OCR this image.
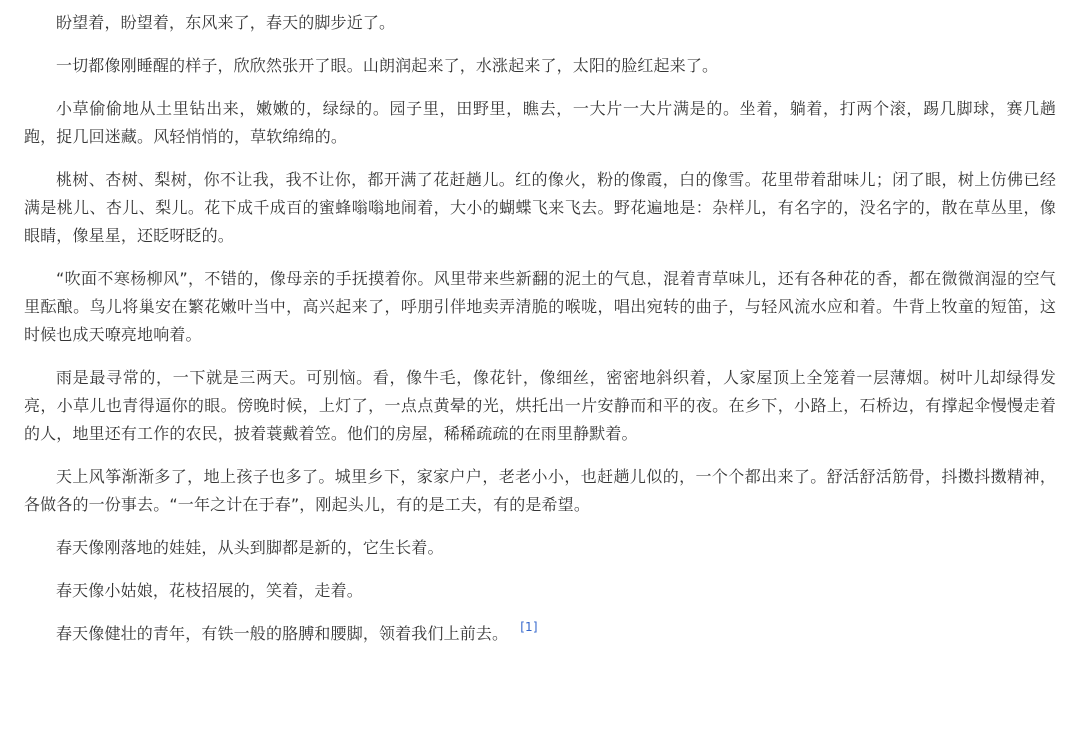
盼望着，盼望着，东风来了，春天的脚步近了。

一切都像刚睡醒的样子，欣欣然张开了眼。山朗润起来了，水涨起来了，太阳的脸红起来了。

小草偷偷地从土里钻出来，嫩嫩的，绿绿的。园子里，田野里，瞧去，一大片一大片满是的。坐着，躺着，打两个滚，踢几脚球，赛几趟跑，捉几回迷藏。风轻悄悄的，草软绵绵的。

桃树、杏树、梨树，你不让我，我不让你，都开满了花赶趟儿。红的像火，粉的像霞，白的像雪。花里带着甜味儿；闭了眼，树上仿佛已经满是桃儿、杏儿、梨儿。花下成千成百的蜜蜂嗡嗡地闹着，大小的蝴蝶飞来飞去。野花遍地是：杂样儿，有名字的，没名字的，散在草丛里，像眼睛，像星星，还眨呀眨的。

“吹面不寒杨柳风”，不错的，像母亲的手抚摸着你。风里带来些新翻的泥土的气息，混着青草味儿，还有各种花的香，都在微微润湿的空气里酝酿。鸟儿将巢安在繁花嫩叶当中，高兴起来了，呼朋引伴地卖弄清脆的喉咙，唱出宛转的曲子，与轻风流水应和着。牛背上牧童的短笛，这时候也成天嘹亮地响着。

雨是最寻常的，一下就是三两天。可别恼。看，像牛毛，像花针，像细丝，密密地斜织着，人家屋顶上全笼着一层薄烟。树叶儿却绿得发亮，小草儿也青得逼你的眼。傍晚时候，上灯了，一点点黄晕的光，烘托出一片安静而和平的夜。在乡下，小路上，石桥边，有撑起伞慢慢走着的人，地里还有工作的农民，披着蓑戴着笠。他们的房屋，稀稀疏疏的在雨里静默着。

天上风筝渐渐多了，地上孩子也多了。城里乡下，家家户户，老老小小，也赶趟儿似的，一个个都出来了。舒活舒活筋骨，抖擞抖擞精神，各做各的一份事去。“一年之计在于春”，刚起头儿，有的是工夫，有的是希望。

春天像刚落地的娃娃，从头到脚都是新的，它生长着。

春天像小姑娘，花枝招展的，笑着，走着。

春天像健壮的青年，有铁一般的胳膊和腰脚，领着我们上前去。 [1]
